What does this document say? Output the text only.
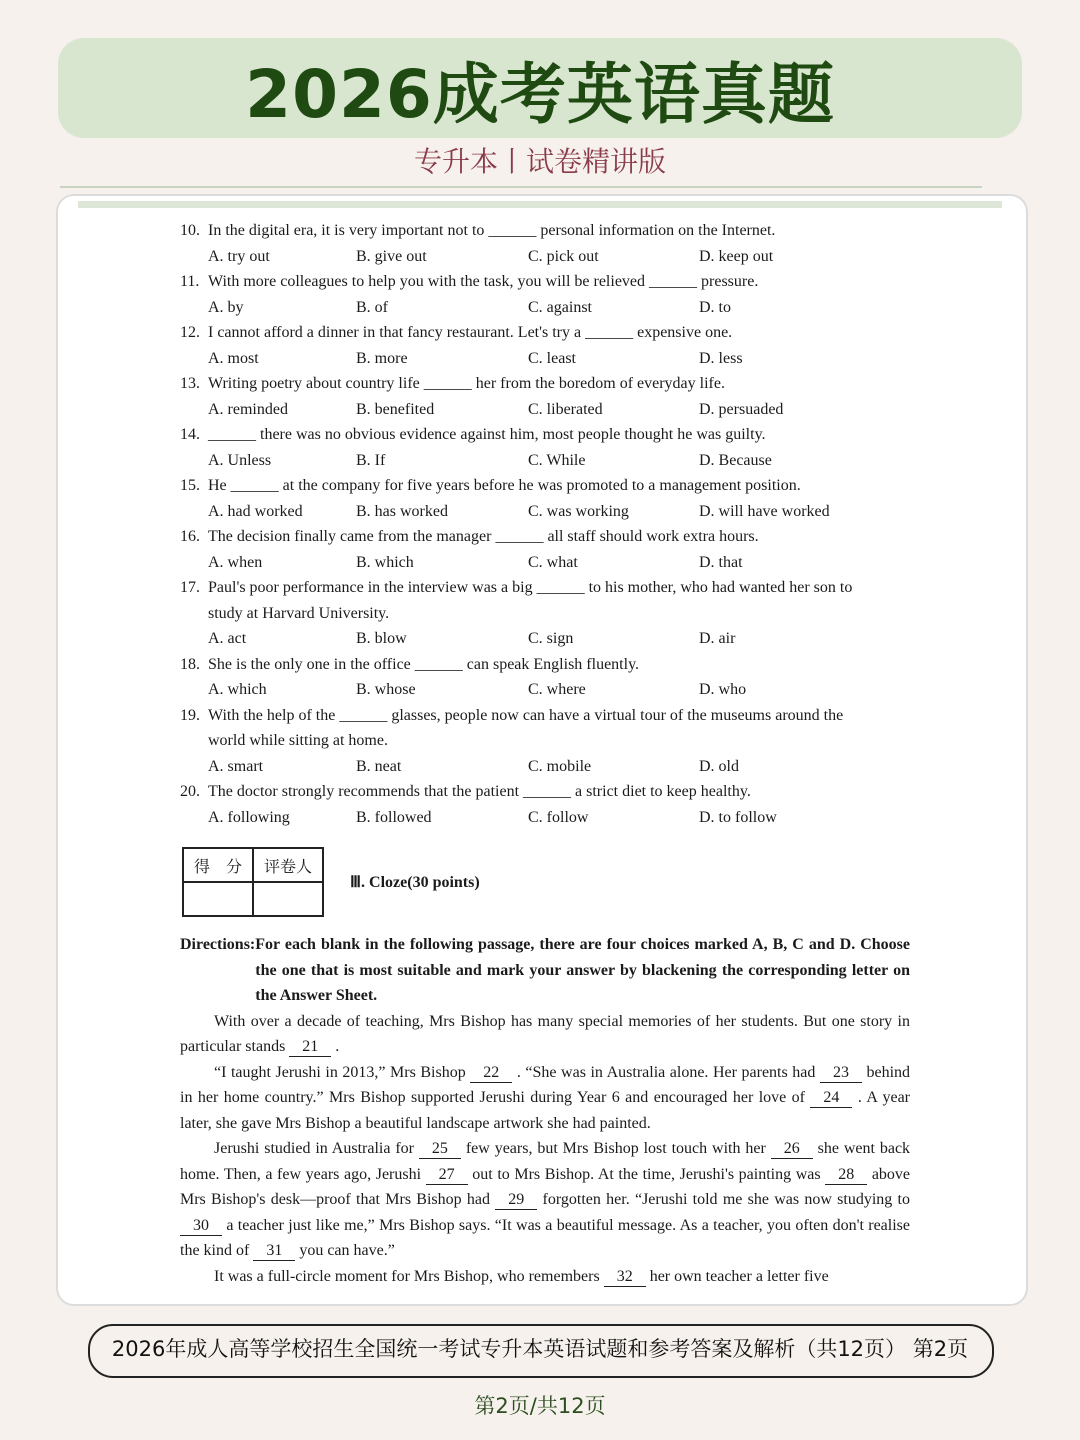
2026成考英语真题
专升本丨试卷精讲版
10. In the digital era, it is very important not to ______ personal information on the Internet.
A. try out	B. give out	C. pick out	D. keep out
11. With more colleagues to help you with the task, you will be relieved ______ pressure.
A. by	B. of	C. against	D. to
12. I cannot afford a dinner in that fancy restaurant. Let's try a ______ expensive one.
A. most	B. more	C. least	D. less
13. Writing poetry about country life ______ her from the boredom of everyday life.
A. reminded	B. benefited	C. liberated	D. persuaded
14. ______ there was no obvious evidence against him, most people thought he was guilty.
A. Unless	B. If	C. While	D. Because
15. He ______ at the company for five years before he was promoted to a management position.
A. had worked	B. has worked	C. was working	D. will have worked
16. The decision finally came from the manager ______ all staff should work extra hours.
A. when	B. which	C. what	D. that
17. Paul's poor performance in the interview was a big ______ to his mother, who had wanted her son to
study at Harvard University.
A. act	B. blow	C. sign	D. air
18. She is the only one in the office ______ can speak English fluently.
A. which	B. whose	C. where	D. who
19. With the help of the ______ glasses, people now can have a virtual tour of the museums around the
world while sitting at home.
A. smart	B. neat	C. mobile	D. old
20. The doctor strongly recommends that the patient ______ a strict diet to keep healthy.
A. following	B. followed	C. follow	D. to follow
得　分	评卷人

Ⅲ. Cloze(30 points)
Directions: For each blank in the following passage, there are four choices marked A, B, C and D. Choose the one that is most suitable and mark your answer by blackening the corresponding letter on the Answer Sheet.

With over a decade of teaching, Mrs Bishop has many special memories of her students. But one story in particular stands 21 .

“I taught Jerushi in 2013,” Mrs Bishop 22 . “She was in Australia alone. Her parents had 23 behind in her home country.” Mrs Bishop supported Jerushi during Year 6 and encouraged her love of 24 . A year later, she gave Mrs Bishop a beautiful landscape artwork she had painted.

Jerushi studied in Australia for 25 few years, but Mrs Bishop lost touch with her 26 she went back home. Then, a few years ago, Jerushi 27 out to Mrs Bishop. At the time, Jerushi's painting was 28 above Mrs Bishop's desk—proof that Mrs Bishop had 29 forgotten her. “Jerushi told me she was now studying to 30 a teacher just like me,” Mrs Bishop says. “It was a beautiful message. As a teacher, you often don't realise the kind of 31 you can have.”

It was a full-circle moment for Mrs Bishop, who remembers 32 her own teacher a letter five

2026年成人高等学校招生全国统一考试专升本英语试题和参考答案及解析（共12页） 第2页
第2页/共12页
